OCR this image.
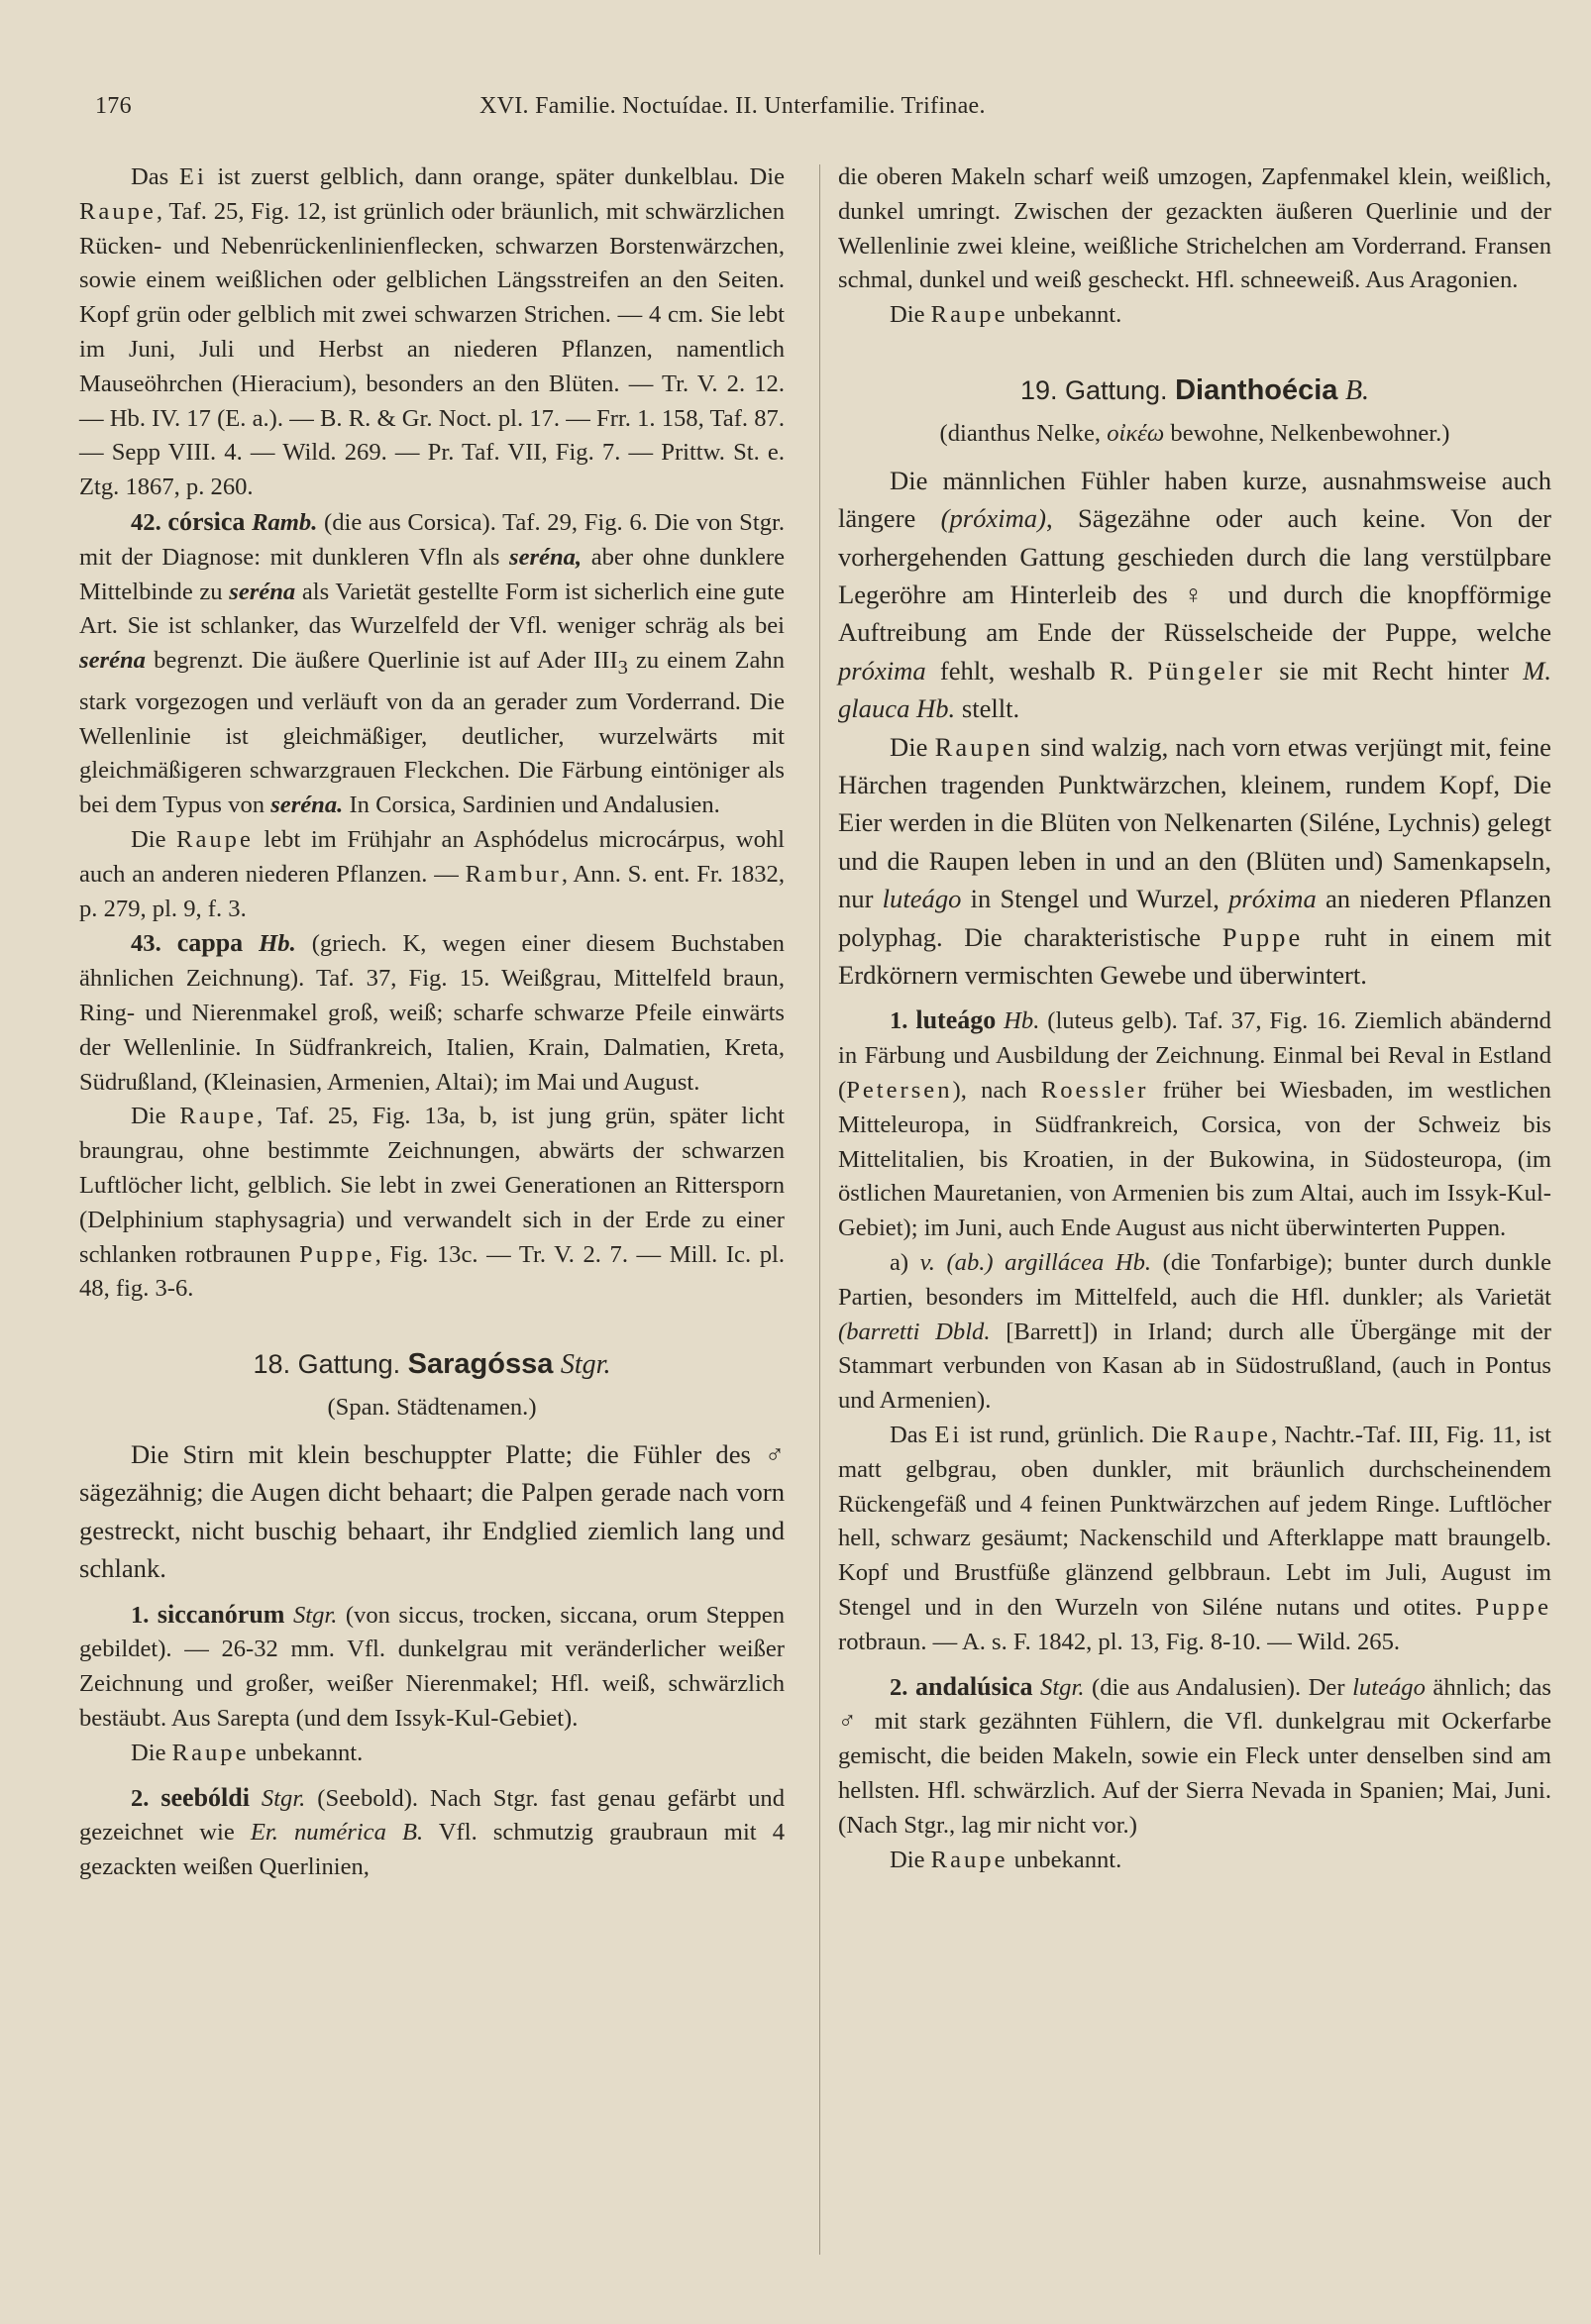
176	XVI. Familie. Noctuídae. II. Unterfamilie. Trifinae.

Das Ei ist zuerst gelblich, dann orange, später dunkelblau. Die Raupe, Taf. 25, Fig. 12, ist grünlich oder bräunlich, mit schwärzlichen Rücken- und Nebenrückenlinienflecken, schwarzen Borstenwärzchen, sowie einem weißlichen oder gelblichen Längsstreifen an den Seiten. Kopf grün oder gelblich mit zwei schwarzen Strichen. — 4 cm. Sie lebt im Juni, Juli und Herbst an niederen Pflanzen, namentlich Mauseöhrchen (Hieracium), besonders an den Blüten. — Tr. V. 2. 12. — Hb. IV. 17 (E. a.). — B. R. & Gr. Noct. pl. 17. — Frr. 1. 158, Taf. 87. — Sepp VIII. 4. — Wild. 269. — Pr. Taf. VII, Fig. 7. — Prittw. St. e. Ztg. 1867, p. 260.

42. córsica Ramb. (die aus Corsica). Taf. 29, Fig. 6. Die von Stgr. mit der Diagnose: mit dunkleren Vfln als seréna, aber ohne dunklere Mittelbinde zu seréna als Varietät gestellte Form ist sicherlich eine gute Art. Sie ist schlanker, das Wurzelfeld der Vfl. weniger schräg als bei seréna begrenzt. Die äußere Querlinie ist auf Ader $III_3$ zu einem Zahn stark vorgezogen und verläuft von da an gerader zum Vorderrand. Die Wellenlinie ist gleichmäßiger, deutlicher, wurzelwärts mit gleichmäßigeren schwarzgrauen Fleckchen. Die Färbung eintöniger als bei dem Typus von seréna. In Corsica, Sardinien und Andalusien.

Die Raupe lebt im Frühjahr an Asphódelus microcárpus, wohl auch an anderen niederen Pflanzen. — Rambur, Ann. S. ent. Fr. 1832, p. 279, pl. 9, f. 3.

43. cappa Hb. (griech. K, wegen einer diesem Buchstaben ähnlichen Zeichnung). Taf. 37, Fig. 15. Weißgrau, Mittelfeld braun, Ring- und Nierenmakel groß, weiß; scharfe schwarze Pfeile einwärts der Wellenlinie. In Südfrankreich, Italien, Krain, Dalmatien, Kreta, Südrußland, (Kleinasien, Armenien, Altai); im Mai und August.

Die Raupe, Taf. 25, Fig. 13a, b, ist jung grün, später licht braungrau, ohne bestimmte Zeichnungen, abwärts der schwarzen Luftlöcher licht, gelblich. Sie lebt in zwei Generationen an Rittersporn (Delphinium staphysagria) und verwandelt sich in der Erde zu einer schlanken rotbraunen Puppe, Fig. 13c. — Tr. V. 2. 7. — Mill. Ic. pl. 48, fig. 3-6.

18. Gattung. Saragóssa Stgr.

(Span. Städtenamen.)

Die Stirn mit klein beschuppter Platte; die Fühler des ♂ sägezähnig; die Augen dicht behaart; die Palpen gerade nach vorn gestreckt, nicht buschig behaart, ihr Endglied ziemlich lang und schlank.

1. siccanórum Stgr. (von siccus, trocken, siccana, orum Steppen gebildet). — 26-32 mm. Vfl. dunkelgrau mit veränderlicher weißer Zeichnung und großer, weißer Nierenmakel; Hfl. weiß, schwärzlich bestäubt. Aus Sarepta (und dem Issyk-Kul-Gebiet).

Die Raupe unbekannt.

2. seebóldi Stgr. (Seebold). Nach Stgr. fast genau gefärbt und gezeichnet wie Er. numérica B. Vfl. schmutzig graubraun mit 4 gezackten weißen Querlinien,

die oberen Makeln scharf weiß umzogen, Zapfenmakel klein, weißlich, dunkel umringt. Zwischen der gezackten äußeren Querlinie und der Wellenlinie zwei kleine, weißliche Strichelchen am Vorderrand. Fransen schmal, dunkel und weiß gescheckt. Hfl. schneeweiß. Aus Aragonien.

Die Raupe unbekannt.

19. Gattung. Dianthoécia B.

(dianthus Nelke, οἰκέω bewohne, Nelkenbewohner.)

Die männlichen Fühler haben kurze, ausnahmsweise auch längere (próxima), Sägezähne oder auch keine. Von der vorhergehenden Gattung geschieden durch die lang verstülpbare Legeröhre am Hinterleib des ♀ und durch die knopfförmige Auftreibung am Ende der Rüsselscheide der Puppe, welche próxima fehlt, weshalb R. Püngeler sie mit Recht hinter M. glauca Hb. stellt.

Die Raupen sind walzig, nach vorn etwas verjüngt mit, feine Härchen tragenden Punktwärzchen, kleinem, rundem Kopf, Die Eier werden in die Blüten von Nelkenarten (Siléne, Lychnis) gelegt und die Raupen leben in und an den (Blüten und) Samenkapseln, nur luteágo in Stengel und Wurzel, próxima an niederen Pflanzen polyphag. Die charakteristische Puppe ruht in einem mit Erdkörnern vermischten Gewebe und überwintert.

1. luteágo Hb. (luteus gelb). Taf. 37, Fig. 16. Ziemlich abändernd in Färbung und Ausbildung der Zeichnung. Einmal bei Reval in Estland (Petersen), nach Roessler früher bei Wiesbaden, im westlichen Mitteleuropa, in Südfrankreich, Corsica, von der Schweiz bis Mittelitalien, bis Kroatien, in der Bukowina, in Südosteuropa, (im östlichen Mauretanien, von Armenien bis zum Altai, auch im Issyk-Kul-Gebiet); im Juni, auch Ende August aus nicht überwinterten Puppen.

a) v. (ab.) argillácea Hb. (die Tonfarbige); bunter durch dunkle Partien, besonders im Mittelfeld, auch die Hfl. dunkler; als Varietät (barretti Dbld. [Barrett]) in Irland; durch alle Übergänge mit der Stammart verbunden von Kasan ab in Südostrußland, (auch in Pontus und Armenien).

Das Ei ist rund, grünlich. Die Raupe, Nachtr.-Taf. III, Fig. 11, ist matt gelbgrau, oben dunkler, mit bräunlich durchscheinendem Rückengefäß und 4 feinen Punktwärzchen auf jedem Ringe. Luftlöcher hell, schwarz gesäumt; Nackenschild und Afterklappe matt braungelb. Kopf und Brustfüße glänzend gelbbraun. Lebt im Juli, August im Stengel und in den Wurzeln von Siléne nutans und otites. Puppe rotbraun. — A. s. F. 1842, pl. 13, Fig. 8-10. — Wild. 265.

2. andalúsica Stgr. (die aus Andalusien). Der luteágo ähnlich; das ♂ mit stark gezähnten Fühlern, die Vfl. dunkelgrau mit Ockerfarbe gemischt, die beiden Makeln, sowie ein Fleck unter denselben sind am hellsten. Hfl. schwärzlich. Auf der Sierra Nevada in Spanien; Mai, Juni. (Nach Stgr., lag mir nicht vor.)

Die Raupe unbekannt.
